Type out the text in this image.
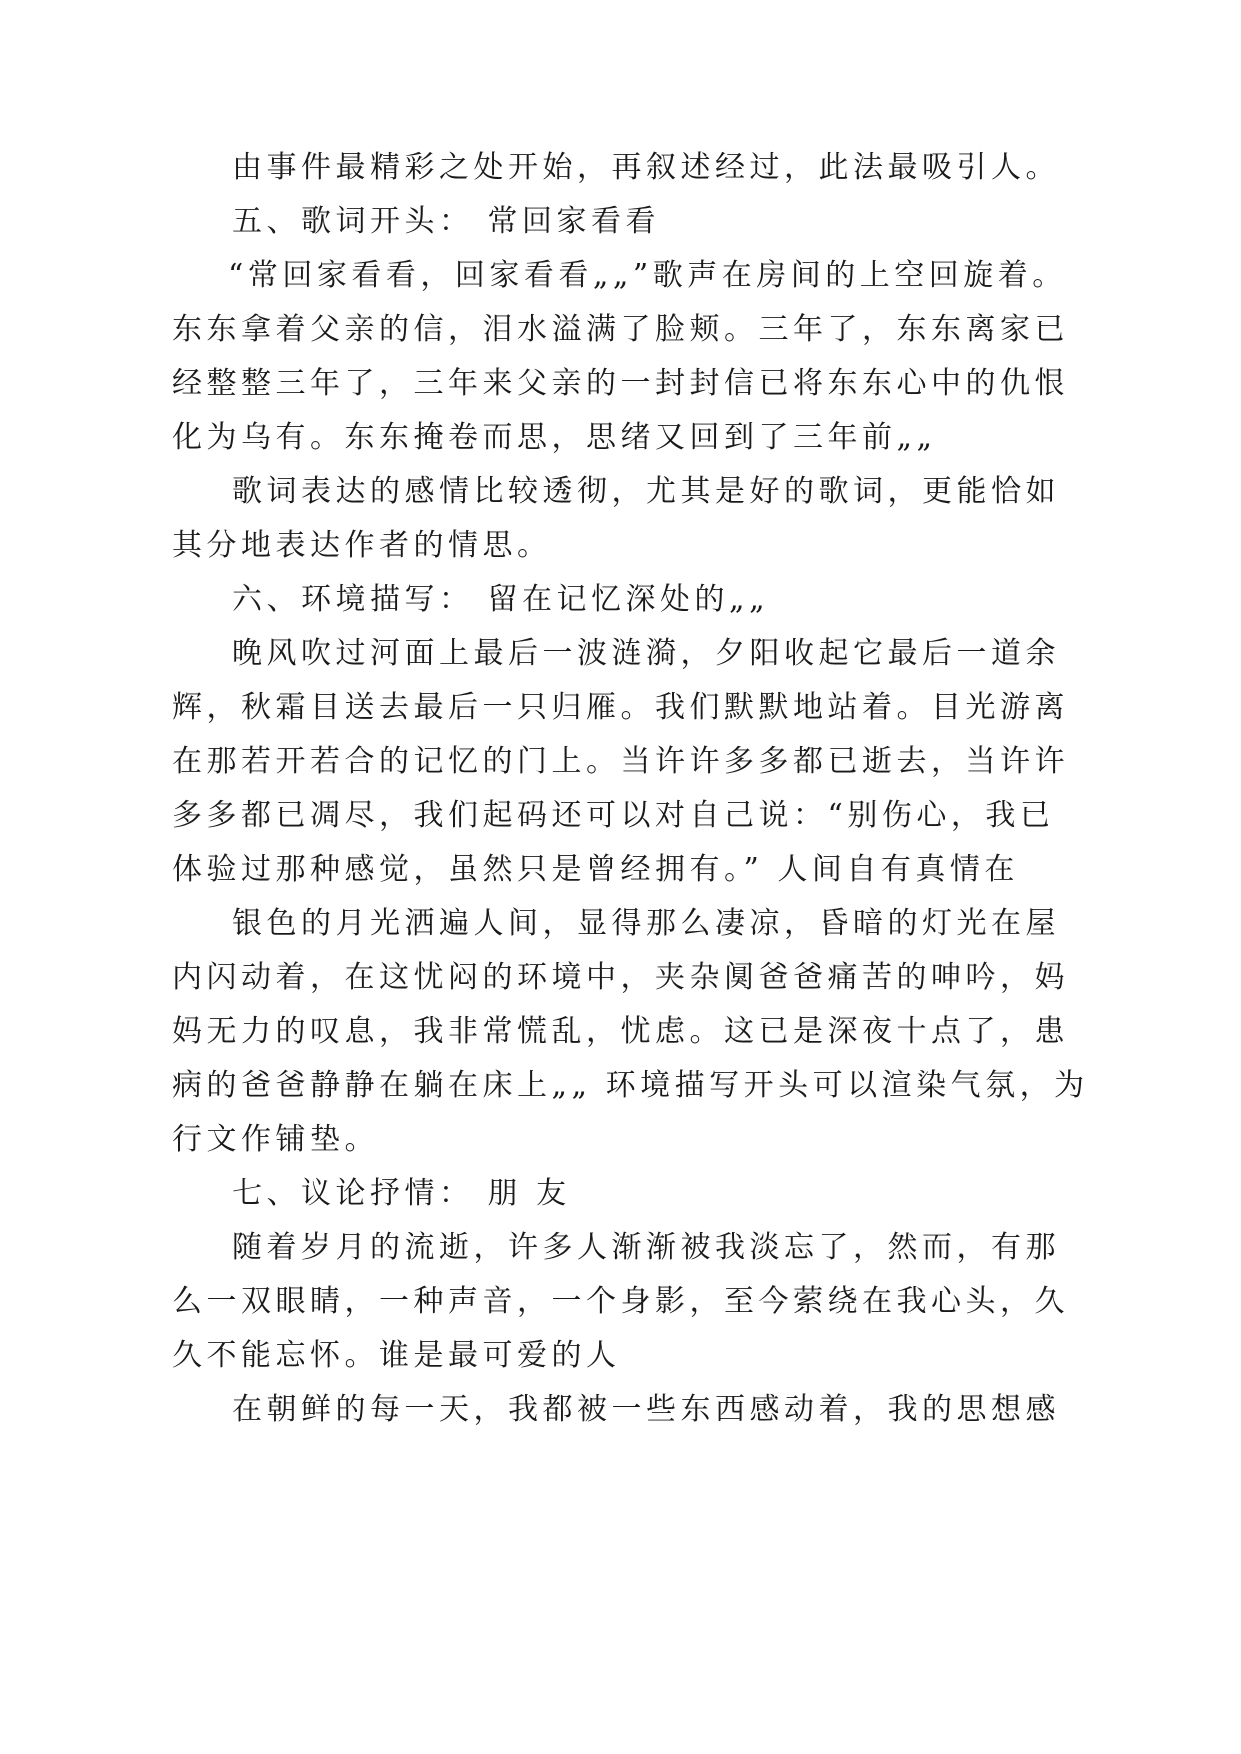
由事件最精彩之处开始，再叙述经过，此法最吸引人。
五、歌词开头： 常回家看看
“常回家看看，回家看看„„”歌声在房间的上空回旋着。
东东拿着父亲的信，泪水溢满了脸颊。三年了，东东离家已
经整整三年了，三年来父亲的一封封信已将东东心中的仇恨
化为乌有。东东掩卷而思，思绪又回到了三年前„„
歌词表达的感情比较透彻，尤其是好的歌词，更能恰如
其分地表达作者的情思。
六、环境描写： 留在记忆深处的„„
晚风吹过河面上最后一波涟漪，夕阳收起它最后一道余
辉，秋霜目送去最后一只归雁。我们默默地站着。目光游离
在那若开若合的记忆的门上。当许许多多都已逝去，当许许
多多都已凋尽，我们起码还可以对自己说：“别伤心，我已
体验过那种感觉，虽然只是曾经拥有。” 人间自有真情在
银色的月光洒遍人间，显得那么凄凉，昏暗的灯光在屋
内闪动着，在这忧闷的环境中，夹杂阒爸爸痛苦的呻吟，妈
妈无力的叹息，我非常慌乱，忧虑。这已是深夜十点了，患
病的爸爸静静在躺在床上„„ 环境描写开头可以渲染气氛，为
行文作铺垫。
七、议论抒情： 朋 友
随着岁月的流逝，许多人渐渐被我淡忘了，然而，有那
么一双眼睛，一种声音，一个身影，至今萦绕在我心头，久
久不能忘怀。谁是最可爱的人
在朝鲜的每一天，我都被一些东西感动着，我的思想感
